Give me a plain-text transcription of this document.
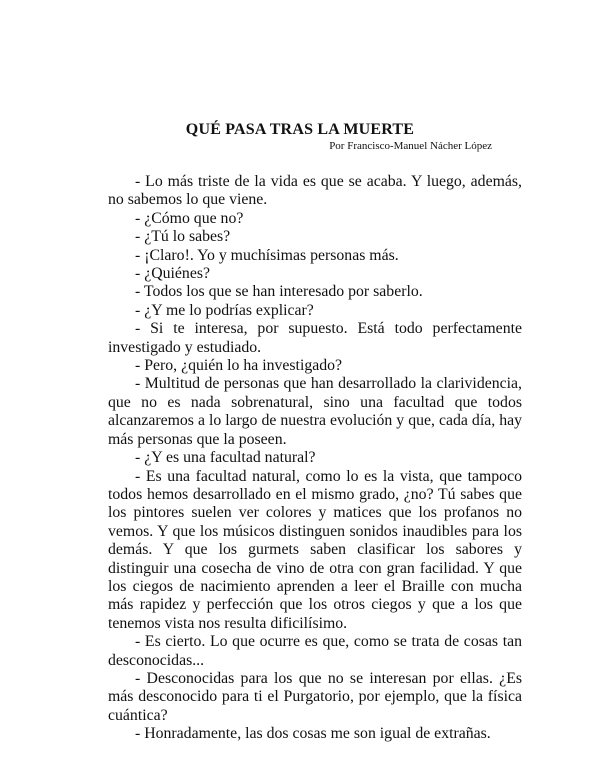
QUÉ PASA TRAS LA MUERTE
Por Francisco-Manuel Nácher López

- Lo más triste de la vida es que se acaba. Y luego, además, no sabemos lo que viene.

- ¿Cómo que no?

- ¿Tú lo sabes?

- ¡Claro!. Yo y muchísimas personas más.

- ¿Quiénes?

- Todos los que se han interesado por saberlo.

- ¿Y me lo podrías explicar?

- Si te interesa, por supuesto. Está todo perfectamente investigado y estudiado.

- Pero, ¿quién lo ha investigado?

- Multitud de personas que han desarrollado la clarividencia, que no es nada sobrenatural, sino una facultad que todos alcanzaremos a lo largo de nuestra evolución y que, cada día, hay más personas que la poseen.

- ¿Y es una facultad natural?

- Es una facultad natural, como lo es la vista, que tampoco todos hemos desarrollado en el mismo grado, ¿no? Tú sabes que los pintores suelen ver colores y matices que los profanos no vemos. Y que los músicos distinguen sonidos inaudibles para los demás. Y que los gurmets saben clasificar los sabores y distinguir una cosecha de vino de otra con gran facilidad. Y que los ciegos de nacimiento aprenden a leer el Braille con mucha más rapidez y perfección que los otros ciegos y que a los que tenemos vista nos resulta dificilísimo.

- Es cierto. Lo que ocurre es que, como se trata de cosas tan desconocidas...

- Desconocidas para los que no se interesan por ellas. ¿Es más desconocido para ti el Purgatorio, por ejemplo, que la física cuántica?

- Honradamente, las dos cosas me son igual de extrañas.
